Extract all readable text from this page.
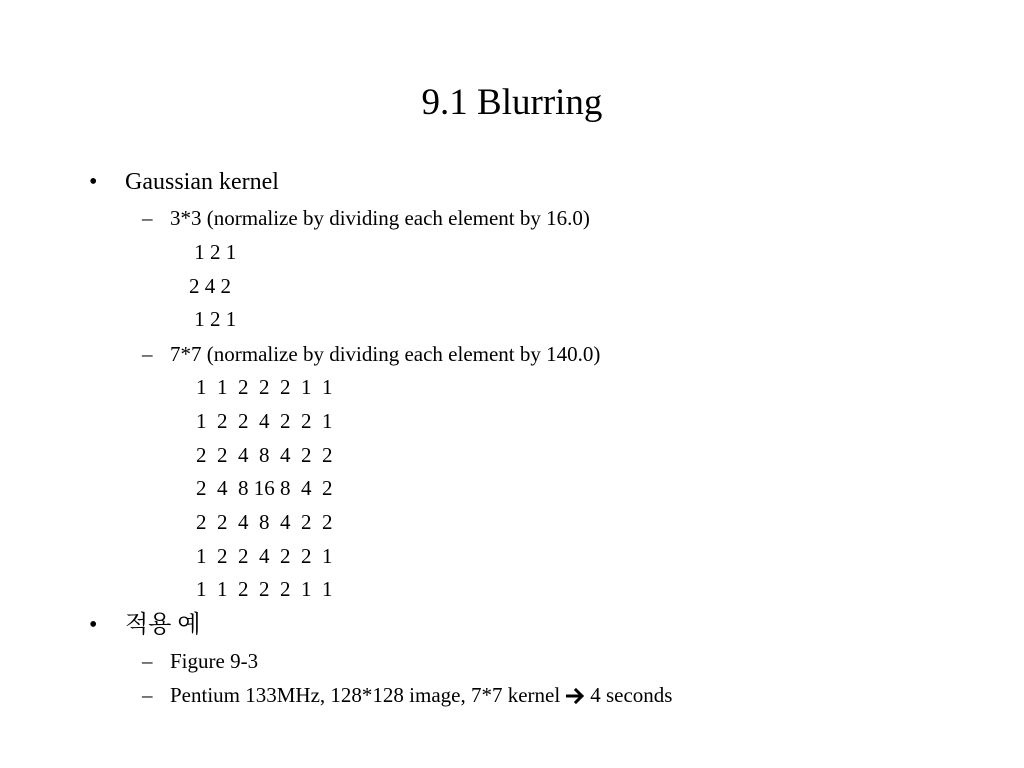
9.1 Blurring
• Gaussian kernel
– 3*3 (normalize by dividing each element by 16.0)
1 2 1
2 4 2
1 2 1
– 7*7 (normalize by dividing each element by 140.0)
1  1  2  2  2  1  1
1  2  2  4  2  2  1
2  2  4  8  4  2  2
2  4  8 16 8  4  2
2  2  4  8  4  2  2
1  2  2  4  2  2  1
1  1  2  2  2  1  1
• 적용 예
– Figure 9-3
– Pentium 133MHz, 128*128 image, 7*7 kernel 4 seconds
